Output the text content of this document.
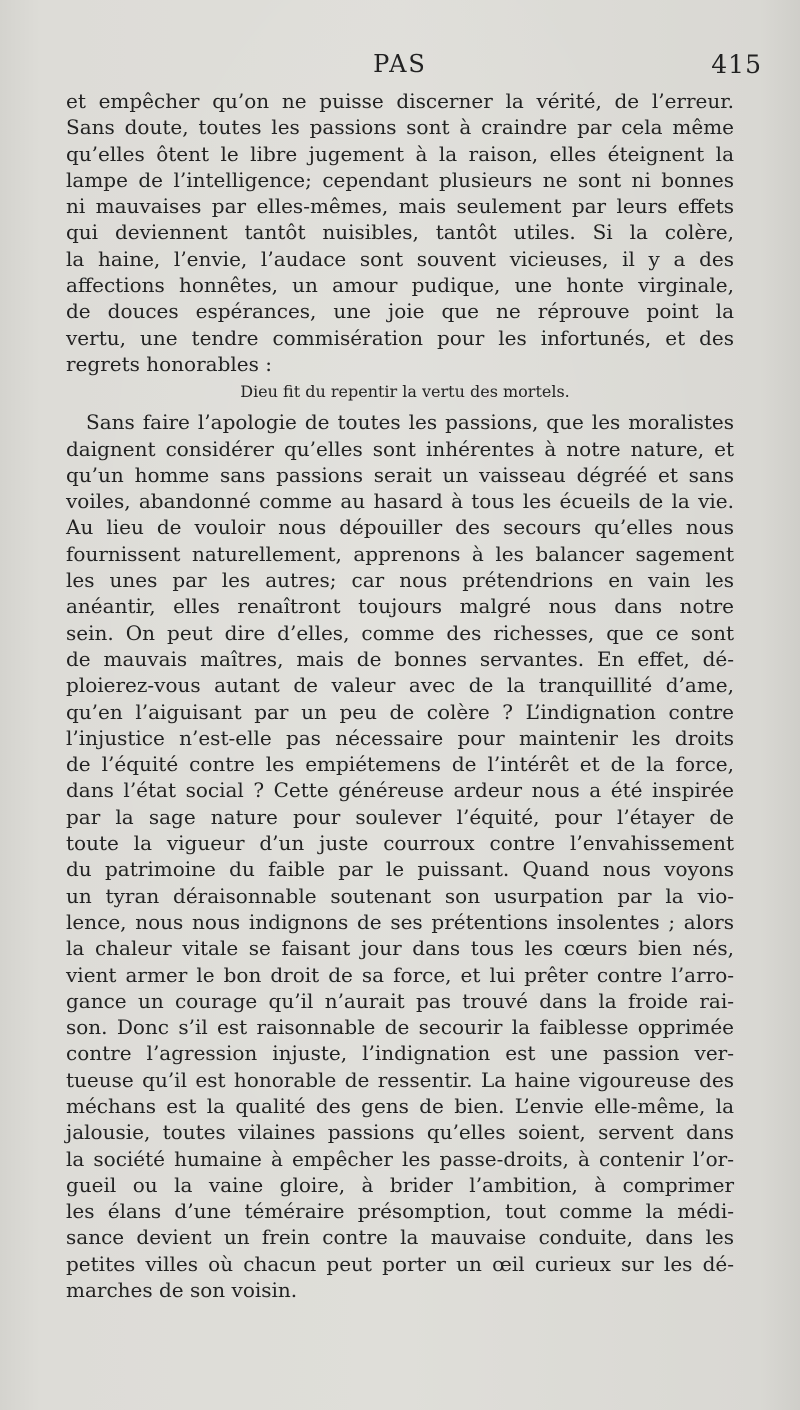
PAS	415
et empêcher qu’on ne puisse discerner la vérité, de l’erreur.
Sans doute, toutes les passions sont à craindre par cela même
qu’elles ôtent le libre jugement à la raison, elles éteignent la
lampe de l’intelligence; cependant plusieurs ne sont ni bonnes
ni mauvaises par elles-mêmes, mais seulement par leurs effets
qui deviennent tantôt nuisibles, tantôt utiles. Si la colère,
la haine, l’envie, l’audace sont souvent vicieuses, il y a des
affections honnêtes, un amour pudique, une honte virginale,
de douces espérances, une joie que ne réprouve point la
vertu, une tendre commisération pour les infortunés, et des
regrets honorables :
Dieu fit du repentir la vertu des mortels.
Sans faire l’apologie de toutes les passions, que les moralistes
daignent considérer qu’elles sont inhérentes à notre nature, et
qu’un homme sans passions serait un vaisseau dégréé et sans
voiles, abandonné comme au hasard à tous les écueils de la vie.
Au lieu de vouloir nous dépouiller des secours qu’elles nous
fournissent naturellement, apprenons à les balancer sagement
les unes par les autres; car nous prétendrions en vain les
anéantir, elles renaîtront toujours malgré nous dans notre
sein. On peut dire d’elles, comme des richesses, que ce sont
de mauvais maîtres, mais de bonnes servantes. En effet, dé-
ploierez-vous autant de valeur avec de la tranquillité d’ame,
qu’en l’aiguisant par un peu de colère ? L’indignation contre
l’injustice n’est-elle pas nécessaire pour maintenir les droits
de l’équité contre les empiétemens de l’intérêt et de la force,
dans l’état social ? Cette généreuse ardeur nous a été inspirée
par la sage nature pour soulever l’équité, pour l’étayer de
toute la vigueur d’un juste courroux contre l’envahissement
du patrimoine du faible par le puissant. Quand nous voyons
un tyran déraisonnable soutenant son usurpation par la vio-
lence, nous nous indignons de ses prétentions insolentes ; alors
la chaleur vitale se faisant jour dans tous les cœurs bien nés,
vient armer le bon droit de sa force, et lui prêter contre l’arro-
gance un courage qu’il n’aurait pas trouvé dans la froide rai-
son. Donc s’il est raisonnable de secourir la faiblesse opprimée
contre l’agression injuste, l’indignation est une passion ver-
tueuse qu’il est honorable de ressentir. La haine vigoureuse des
méchans est la qualité des gens de bien. L’envie elle-même, la
jalousie, toutes vilaines passions qu’elles soient, servent dans
la société humaine à empêcher les passe-droits, à contenir l’or-
gueil ou la vaine gloire, à brider l’ambition, à comprimer
les élans d’une téméraire présomption, tout comme la médi-
sance devient un frein contre la mauvaise conduite, dans les
petites villes où chacun peut porter un œil curieux sur les dé-
marches de son voisin.
